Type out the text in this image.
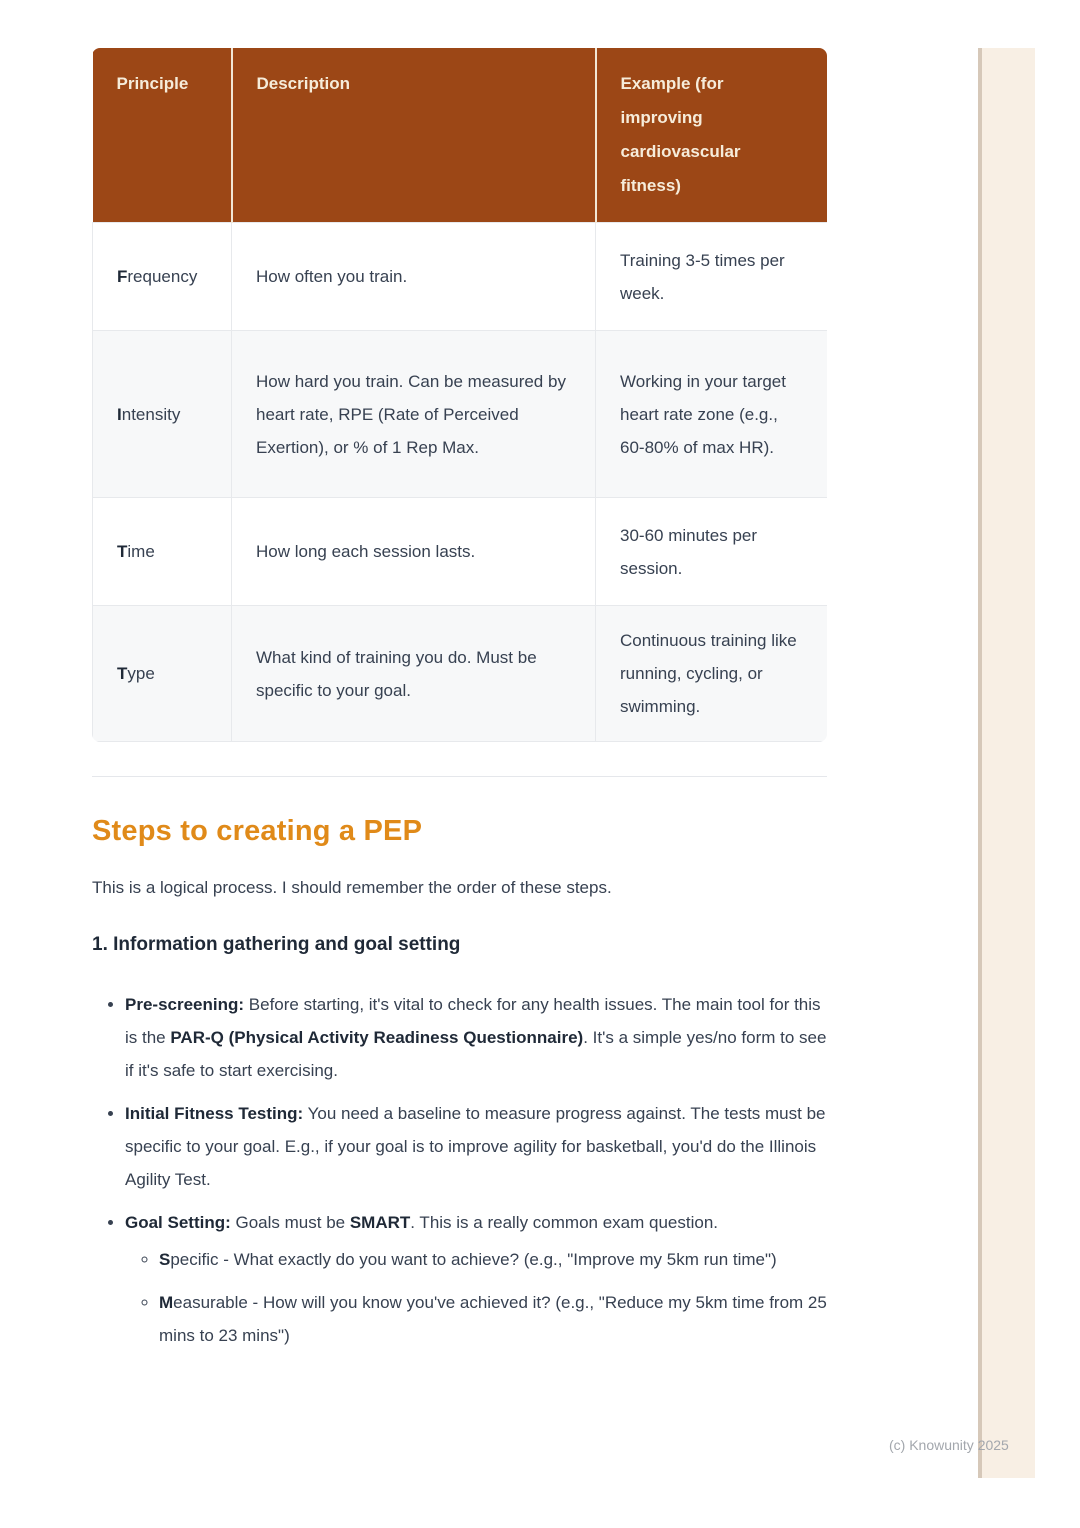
Principle	Description	Example (for improving cardiovascular fitness)
Frequency	How often you train.	Training 3-5 times per week.
Intensity	How hard you train. Can be measured by heart rate, RPE (Rate of Perceived Exertion), or % of 1 Rep Max.	Working in your target heart rate zone (e.g., 60-80% of max HR).
Time	How long each session lasts.	30-60 minutes per session.
Type	What kind of training you do. Must be specific to your goal.	Continuous training like running, cycling, or swimming.
Steps to creating a PEP

This is a logical process. I should remember the order of these steps.

1. Information gathering and goal setting
• Pre-screening: Before starting, it's vital to check for any health issues. The main tool for this is the PAR-Q (Physical Activity Readiness Questionnaire). It's a simple yes/no form to see if it's safe to start exercising.
• Initial Fitness Testing: You need a baseline to measure progress against. The tests must be specific to your goal. E.g., if your goal is to improve agility for basketball, you'd do the Illinois Agility Test.
• Goal Setting: Goals must be SMART. This is a really common exam question.
◦ Specific - What exactly do you want to achieve? (e.g., "Improve my 5km run time")
◦ Measurable - How will you know you've achieved it? (e.g., "Reduce my 5km time from 25 mins to 23 mins")
(c) Knowunity 2025
